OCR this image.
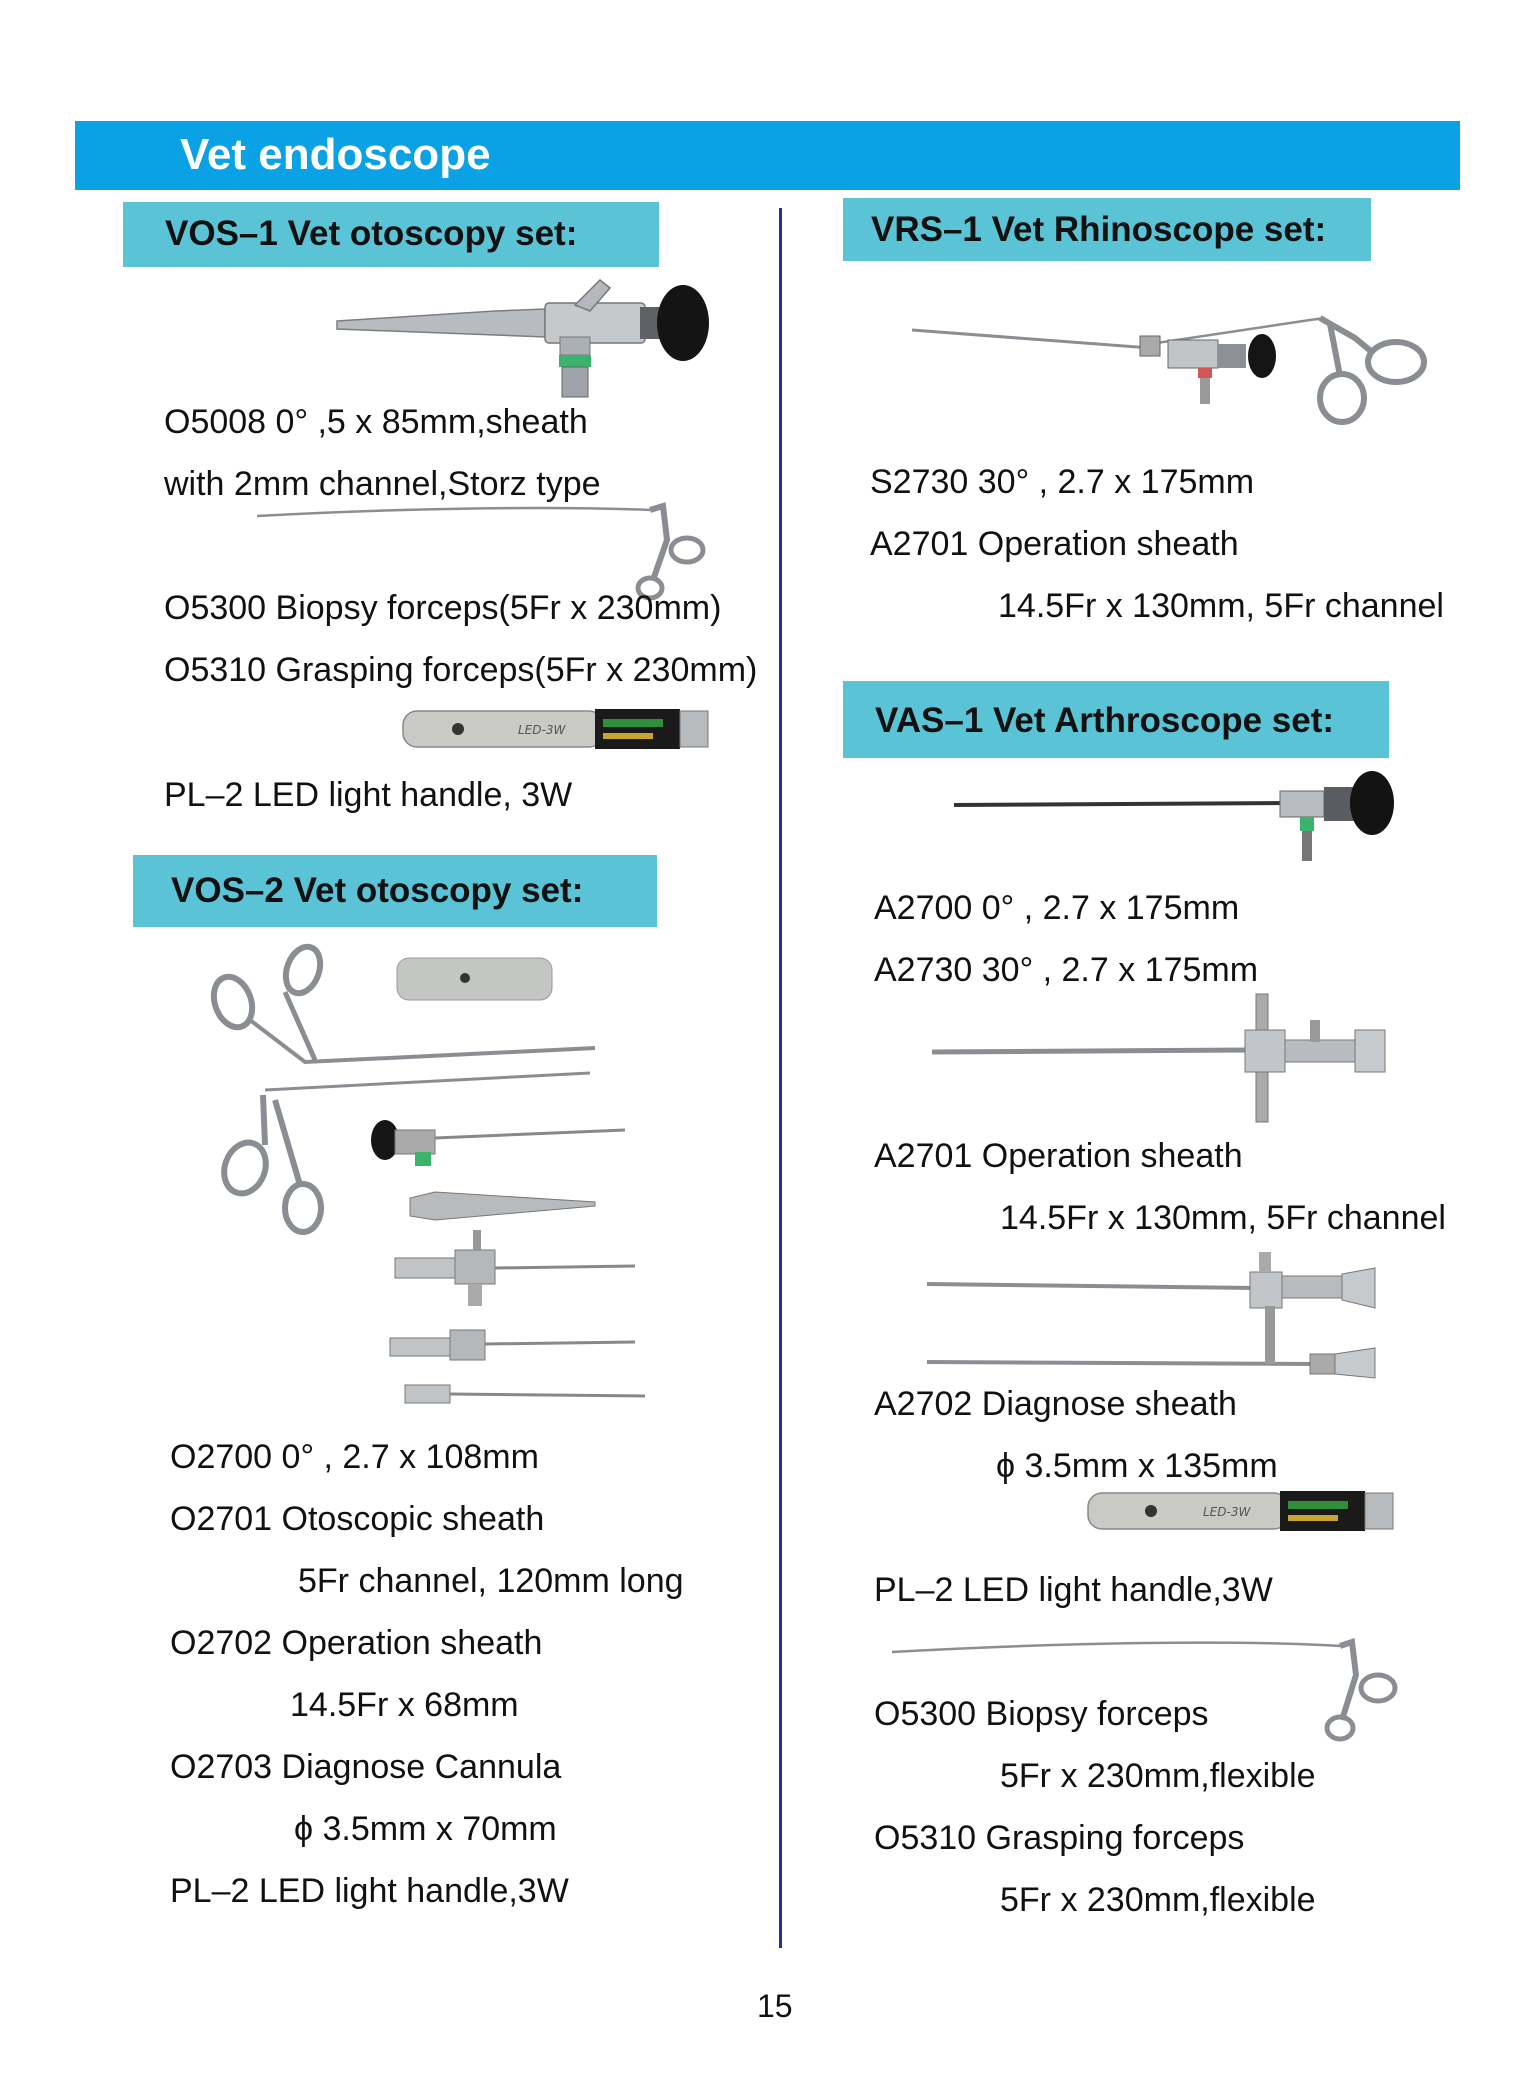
Vet endoscope
VOS–1 Vet otoscopy set:
O5008 0° ,5 x 85mm,sheath
with 2mm channel,Storz type
O5300 Biopsy forceps(5Fr x 230mm)
O5310 Grasping forceps(5Fr x 230mm)
LED-3W
PL–2 LED light handle, 3W
VOS–2 Vet otoscopy set:
O2700 0° , 2.7 x 108mm
O2701 Otoscopic sheath
5Fr channel, 120mm long
O2702 Operation sheath
14.5Fr x 68mm
O2703 Diagnose Cannula
ϕ 3.5mm x 70mm
PL–2 LED light handle,3W
VRS–1 Vet Rhinoscope set:
S2730 30° , 2.7 x 175mm
A2701 Operation sheath
14.5Fr x 130mm, 5Fr channel
VAS–1 Vet Arthroscope set:
A2700 0° , 2.7 x 175mm
A2730 30° , 2.7 x 175mm
A2701 Operation sheath
14.5Fr x 130mm, 5Fr channel
A2702 Diagnose sheath
ϕ 3.5mm x 135mm
LED-3W
PL–2 LED light handle,3W
O5300 Biopsy forceps
5Fr x 230mm,flexible
O5310 Grasping forceps
5Fr x 230mm,flexible
15
